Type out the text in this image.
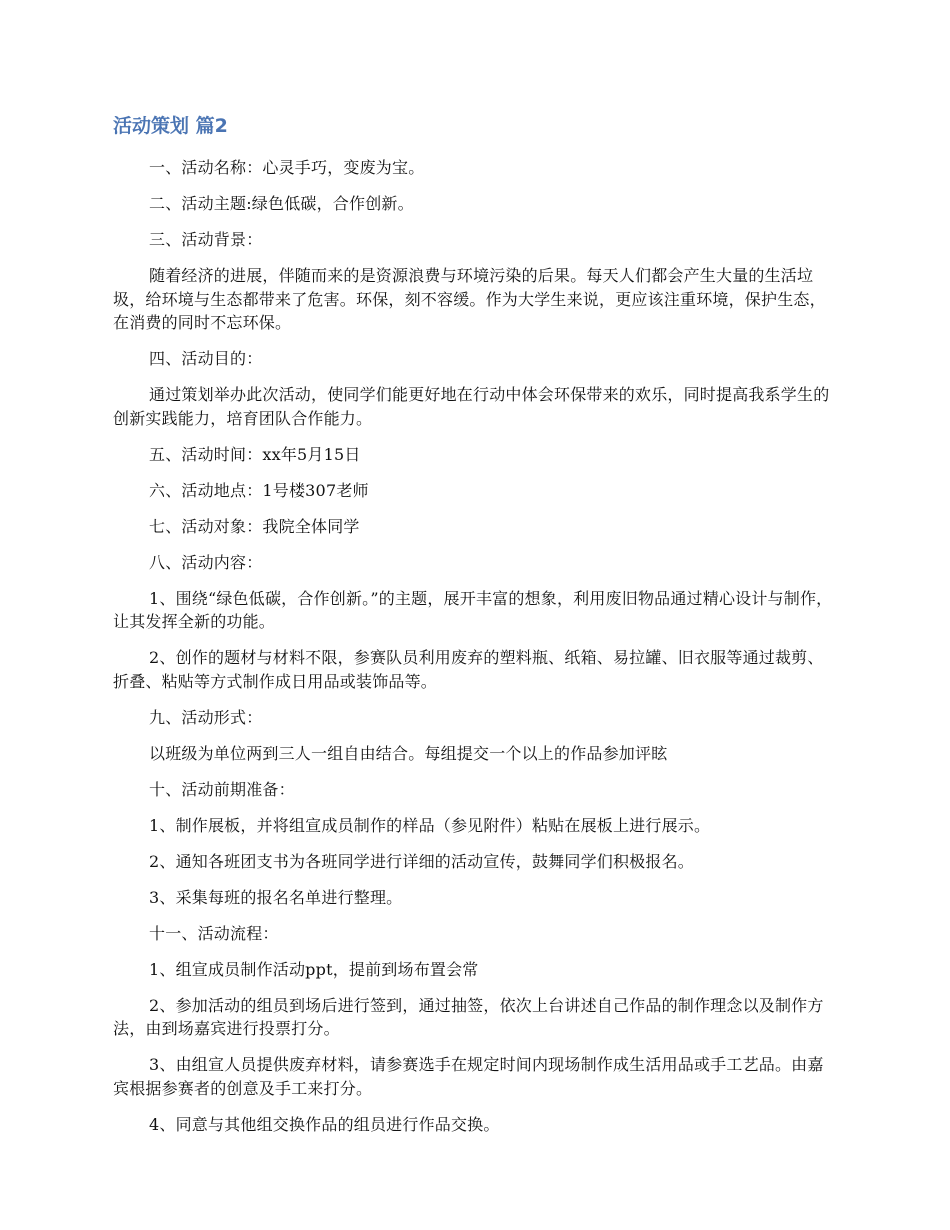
活动策划 篇2
一、活动名称：心灵手巧，变废为宝。
二、活动主题:绿色低碳，合作创新。
三、活动背景：
随着经济的进展，伴随而来的是资源浪费与环境污染的后果。每天人们都会产生大量的生活垃圾，给环境与生态都带来了危害。环保，刻不容缓。作为大学生来说，更应该注重环境，保护生态，在消费的同时不忘环保。
四、活动目的：
通过策划举办此次活动，使同学们能更好地在行动中体会环保带来的欢乐，同时提高我系学生的创新实践能力，培育团队合作能力。
五、活动时间：xx年5月15日
六、活动地点：1号楼307老师
七、活动对象：我院全体同学
八、活动内容：
1、围绕“绿色低碳，合作创新。”的主题，展开丰富的想象，利用废旧物品通过精心设计与制作，让其发挥全新的功能。
2、创作的题材与材料不限，参赛队员利用废弃的塑料瓶、纸箱、易拉罐、旧衣服等通过裁剪、折叠、粘贴等方式制作成日用品或装饰品等。
九、活动形式：
以班级为单位两到三人一组自由结合。每组提交一个以上的作品参加评眩
十、活动前期准备：
1、制作展板，并将组宣成员制作的样品（参见附件）粘贴在展板上进行展示。
2、通知各班团支书为各班同学进行详细的活动宣传，鼓舞同学们积极报名。
3、采集每班的报名名单进行整理。
十一、活动流程：
1、组宣成员制作活动ppt，提前到场布置会常
2、参加活动的组员到场后进行签到，通过抽签，依次上台讲述自己作品的制作理念以及制作方法，由到场嘉宾进行投票打分。
3、由组宣人员提供废弃材料，请参赛选手在规定时间内现场制作成生活用品或手工艺品。由嘉宾根据参赛者的创意及手工来打分。
4、同意与其他组交换作品的组员进行作品交换。
